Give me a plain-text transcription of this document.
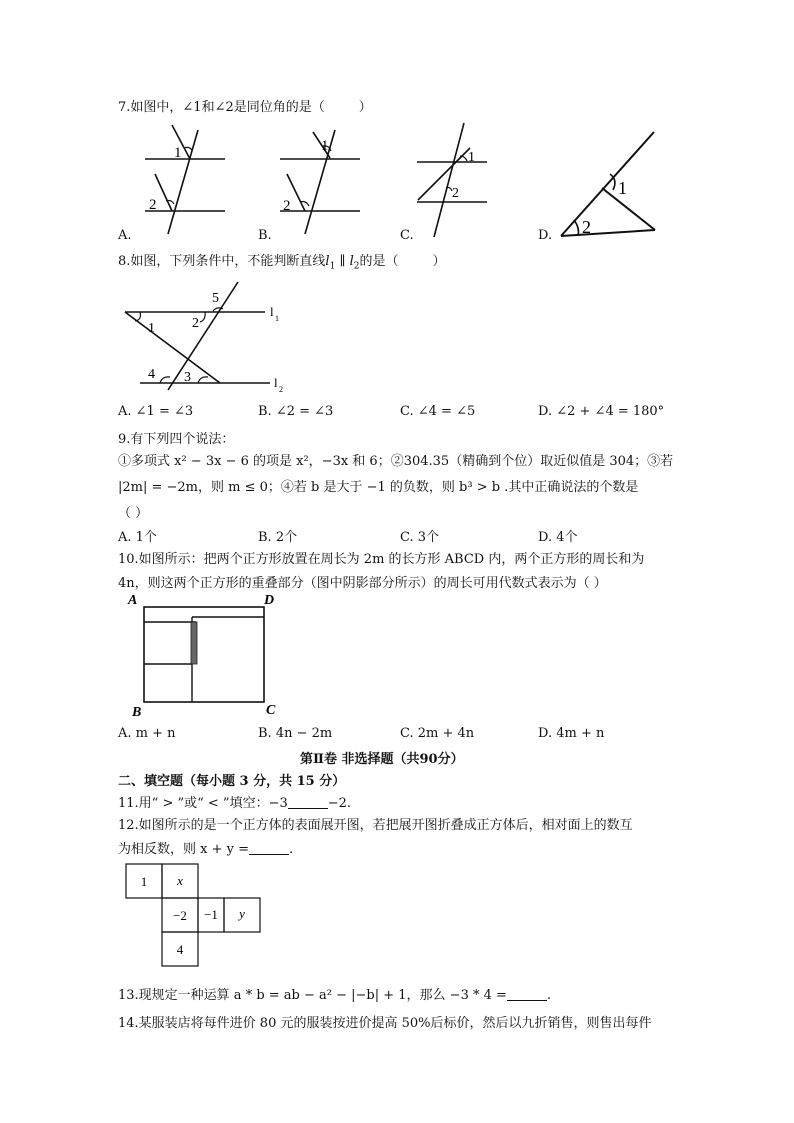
7.如图中，∠1和∠2是同位角的是（	）
1
2
A.
1
2
B.
1
2
C.
1
2
D.
8.如图，下列条件中，不能判断直线$l_1$ ∥ $l_2$的是（	）
1	2
3
4
5
l 1
l 2
A. ∠1 = ∠3	B. ∠2 = ∠3	C. ∠4 = ∠5	D. ∠2 + ∠4 = 180°
9.有下列四个说法：
①多项式 x² − 3x − 6 的项是 x²，−3x 和 6；②304.35（精确到个位）取近似值是 304；③若
|2m| = −2m，则 m ≤ 0；④若 b 是大于 −1 的负数，则 b³ > b .其中正确说法的个数是
（ ）
A. 1个	B. 2个	C. 3个	D. 4个
10.如图所示：把两个正方形放置在周长为 2m 的长方形 ABCD 内，两个正方形的周长和为
4n，则这两个正方形的重叠部分（图中阴影部分所示）的周长可用代数式表示为（ ）
A	D
B	C
A. m + n	B. 4n − 2m	C. 2m + 4n	D. 4m + n
第Ⅱ卷 非选择题（共90分）
二、填空题（每小题 3 分，共 15 分）
11.用“ > ”或“ < ”填空：−3	−2.
12.如图所示的是一个正方体的表面展开图，若把展开图折叠成正方体后，相对面上的数互
为相反数，则 x + y =	.
1 x
−2 −1 y
4
13.现规定一种运算 a * b = ab − a² − |−b| + 1，那么 −3 * 4 =	.
14.某服装店将每件进价 80 元的服装按进价提高 50%后标价，然后以九折销售，则售出每件
